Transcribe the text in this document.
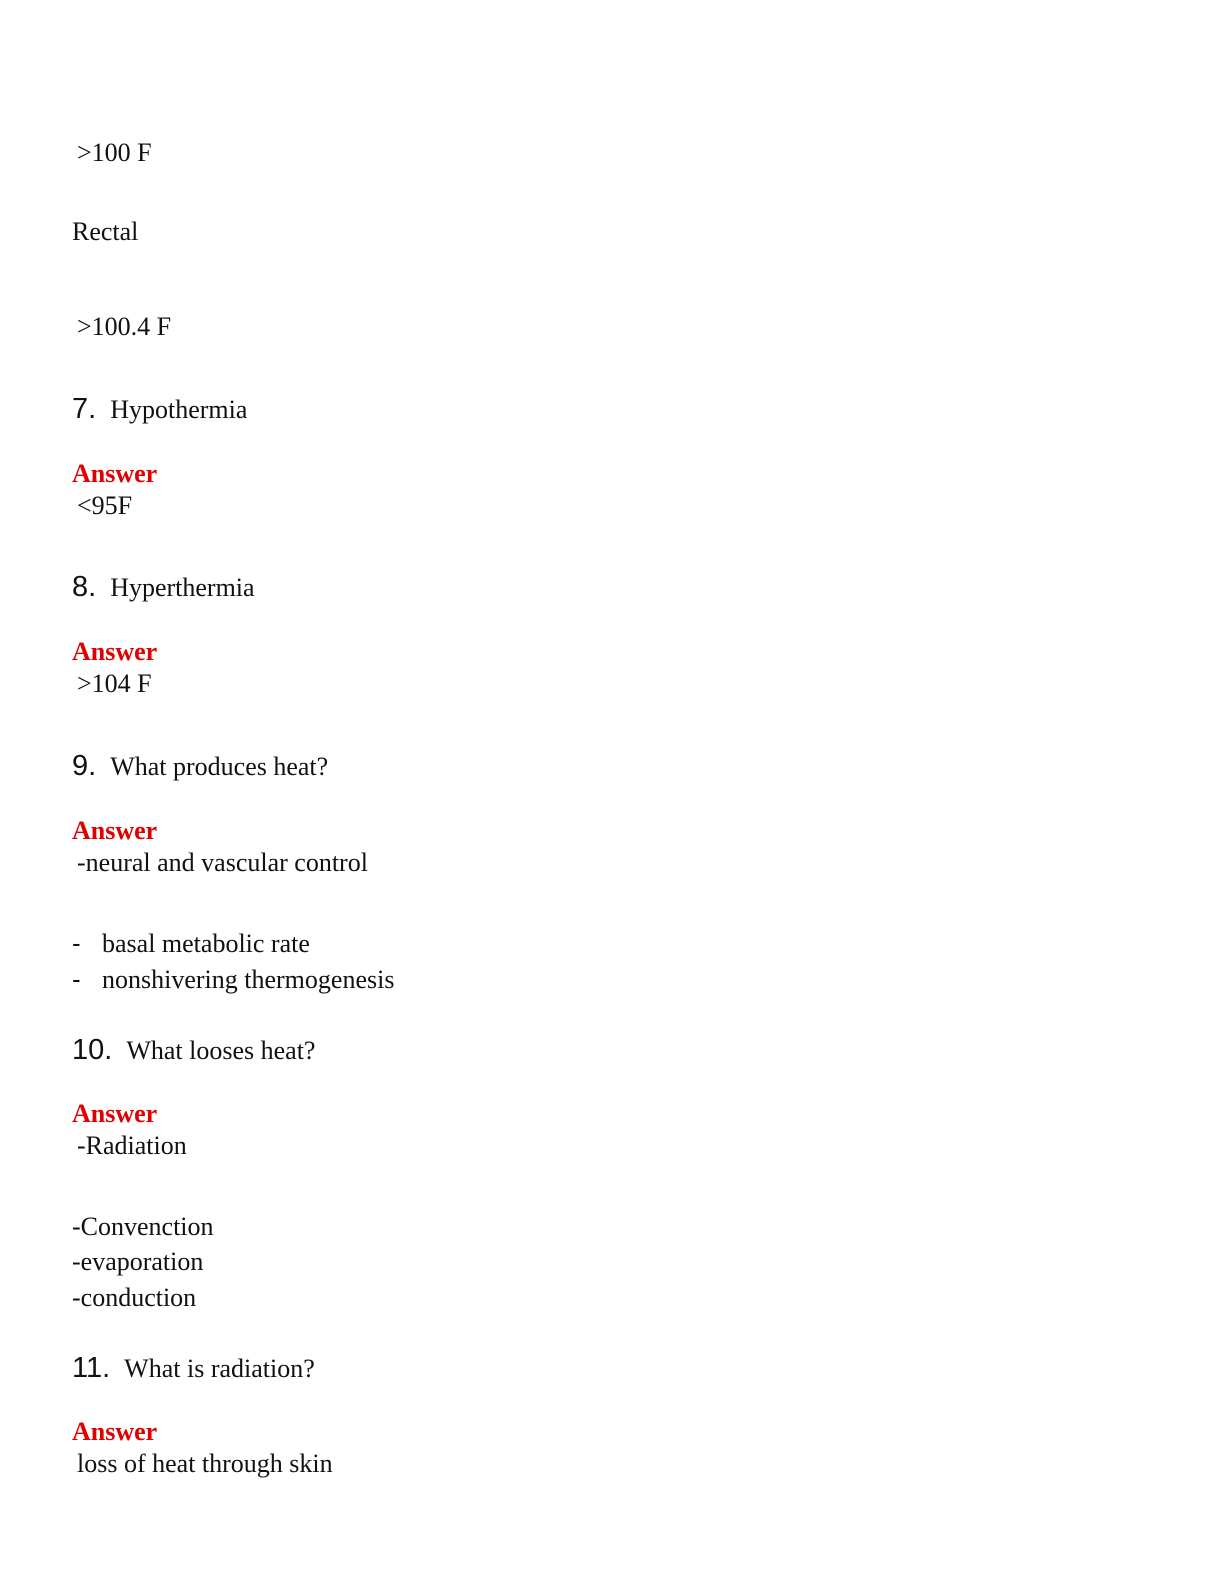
>100 F
Rectal
>100.4 F
7. Hypothermia
Answer
<95F
8. Hyperthermia
Answer
>104 F
9. What produces heat?
Answer
-neural and vascular control
- basal metabolic rate
- nonshivering thermogenesis
10. What looses heat?
Answer
-Radiation
-Convenction
-evaporation
-conduction
11. What is radiation?
Answer
loss of heat through skin
